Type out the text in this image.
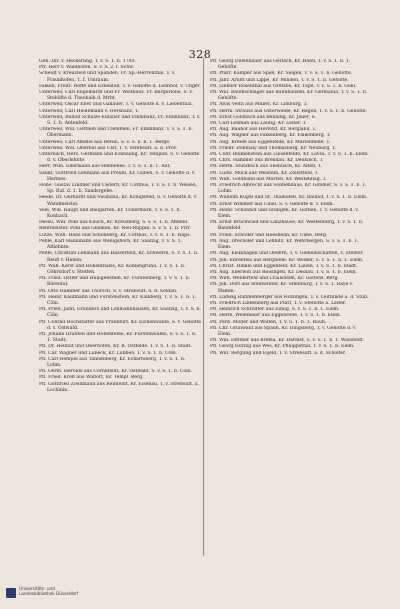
328
Gen.-Dir. v. Heckerling, T. v. S. 1. b. 1793.
Pfr. Herr v. Waldhofen. S. v. S. 2. f. Schw.
Scheidt v. Kreuzfeld und Spanden, Fr. Sp.-Herrenthal, T. v. Fraunhofen, 1. f. Umraum.
Falken, Freifr. Hoffe und Erbenfall, T. v. Gehöfte d. Lehnhof, v. Unger.
Unterweil, Carl Engelhardt und Fr. Weltbaus, Fr. Burgerlohe, S. v. Stehöfte d. Theobalb d. Mrbt.
Unterweil, Oscar Eber und Gallauer, T. v. Gehöfte d. v. Liebenthal.
Unterweil, Carl Heidemann v. Hersbanc, T.
Unterweil, Rudolf Schulze Edlauer und Emmbanz, Fr. Emmbanz, T. v. S. 1. b. Antenfeld.
Unterweil, Will. Gottlieb und Clemmen, Fr. Emmbanz, T. v. S. 1. b. Obermann.
Unterweil, Carl Ammel aus Berlin. S. v. S. b. b. 1. Berge.
Unterweil, Will. Oberhal aus Ulst. T. v. Strebsuft. a. d. Prov.
Unternach, Herz. Germann und Eckhaling, Kr. Templin, S. v. Gehöfte d. v. Oberlehnte.
Herr, Wilh. Ellermann aus Hennebes. T. v. S. 1. b. 1. Aut.
Sankt, Gottfried Lehmann aus Preußl, Kr. Guben, S. v. Gehöfte d. v. Hermes.
Hohe, Gustav Lindner und Cedern, Kr. Cottbus, T. v. S. 1. b. Weisen, Sp. Ruf. d. 1. b. Sandsrgebe.
Heide, Dr. Gerhardt und Swandau, Kr. Königsfeld, S. v. Gehöfte d. v. Wandmeistel.
Vele, Will. Haupt und Bielgarten, Kr. Uckermark, T. v. S. 1. b. Konbach.
Dessu, Will. Pohl aus Kauch, Kr. Kreuzberg, S. v. S. 1. b. Amfeld.
Rentmeister, Pohl aus Glanken, Kr. Neu-Ruppin, S. v. S. 1. b. Pirr.
Lutze, Wilh. Hans und Schönberg, Kr. Cottbus, T. v. S. 1. b. Haps.
Pehle, Karl Hannmann aus Wenigsborn, Kr. Saatzig, T. v. S. 1. Altlehnte.
Pehle, Christian Lehmann aus Hasserfeld, Kr. Schwerin, S. v. S. 1. b. Reuß v. Hamm.
Pfl. Wilh. Kerst und Hohenthalss, Kr. Kohlengrund, T. v. S. 1. b. Göhrsdorf v. Stetten.
Pfl. Fried. Ostler und Heiligenstein, Kr. Fürstenberg, T. v. S. 1. b. Bärental.
Pfl. Otto Hammer aus Thorsch, S. v. Strebsuft. a. d. Soldan.
Pfl. Heinr. Kaufmann und Fürstenstein, Kr. Kalkberg, T. v. S. 1. b. 1. Cöln.
Pfl. Fried. Jähn, Gründers und Lohmannhausen, Kr. Saatzig, T. v. S. b. Cöln.
Pfl. Conrad Hochstätter aus Frankfurt, Kr. Eichenwalde, S. v. Gehöfte d. v. Ostwald.
Pfl. Johann Drahten und Hohenfelde, Kr. Fürstenwalde, S. v. S. 1. b. 1. Stadt.
Pfl. Dr. Helmut und Oberhofen, Kr. R. Ostfelde. T. v. S. 1. b. Stadt.
Pfl. Car. Wagner und Lübeck, Kr. Lübben, T. v. S. 1. b. Cöln.
Pfl. Carl Hempel aus Tannenberg, Kr. Eckartsberg, T. v. S. 1. b. Lohm.
Pfl. Germ. Herolds aus Cornnfeldt, Kr. Ostwald, S. v. S. 1. b. Cöln.
Pfl. Fried. Kreß aus Walfort, Kr. Templ. Berg.
Pfl. Gottfried Zoellmann aus Reinfeldt, Kr. Eisenau, T. v. Strebsuft. a. Lochinin.
Pfl. Georg Dillenhauer aus Gerlach, Kr. Hann, T. v. S. 1. b. 1. Gehöfte.
Pfl. Pfarr. Kamper aus Spiel, Kr. Siegen, T. v. S. 1. b. Gehöfte.
Pfl. Jahr. Arndt und Lippe, Kr. Minden, T. v. S. 1. b. Gehöfte.
Pfl. Liebner Rosenthal aus Gretzbe, Kr. Tape, T. v. S. 1. b. Göhl.
Pfl. Will. Baumschläger aus Bahnhausen, Kr. Germania, T. v. S. 1. b. Gehöfte.
Pfl. Alois Veith aus Müller, Kr. Limburg, T.
Pfl. Herm. Strauss aus Osterwalde, Kr. Regen, T. v. S. 1. b. Gehöfte.
Pfl. Ernst Goldbach aus Benning, Kr. Jauer, S.
Pfl. Carl Lehman aus Lautig, Kr. Leiter, T.
Pfl. Aug. Bauhof aus Herford, Kr. Bergland, T.
Pfl. Aug. Wagner aus Falkenberg, Kr. Falkenberg, T.
Pfl. Aug. Kreide aus Eggenfelde, Kr. Marienfelde, T.
Pfl. Friedr. Dohmaly und Thomasberg, Kr. Neuburg, T.
Pfl. Conr. Blumenstein aus Luisenfelde, Kr. Lavsa, T. v. S. 1. b. Elem.
Pfl. Chrs. Hammer aus Brendau, Kr. Delitzsch, T.
Pfl. Herm. Stutzfisch aus Seebusch, Kr. Alten, T.
Pfl. Ludw. Muck aus Weistein, Kr. Zellerfeld, T.
Pfl. Wilh. Goldhand aus Marten, Kr. Westenhag, T.
Pfl. Friedrich Albrecht aus Sonnenhaus, Kr. Gimmer, S. v. S. 1. b. 1. Lohm.
Pfl. Wilhelm Kugel und Sr. Thalhofen, Kr. Bauhof, T. v. S. 1. b. Elem.
Pfl. Ernst Wimmer aus Cinel, S. v. Gehöfte d. v. Elem.
Pfl. Heinr. Schönhof und Gräbgen, Kr. Gothen, T. v. Gehöfte d. v. Elem.
Pfl. Ernst Bruchwald und Lanzhäuse, Kr. Westenburg, T. v. S. 1. b. Baumfeld.
Pfl. Fried. Schöder und Hoesheim, Kr. Usbe, Berg.
Pfl. Aug. Drechsler und Lehnitz, Kr. Wehrbergen, S. v. S. 1. b. 1. Elem.
Pfl. Aug. Kleinhagen und Oedern, T. v. Gemeinschaften, v. Stehfer.
Pfl. Joh. Ehrenfels aus Bergfelde, Kr. Weißer, S. v. S. 1. b. 1. Elem.
Pfl. Christ. Hinkle und Eggenfeld, Kr. Lauen, T. v. S. 1. b. Stadt.
Pfl. Aug. Eberlein aus Reisingen, Kr. Dessau, T. v. S. 1. b. Elem.
Pfl. Wilh. Welderfeld und Crailsheim, Kr. Golfens, Berg.
Pfl. Joh. Dorf aus Steinwinter, Kr. Steinburg, T. v. S. 1. Raye v. Hamm.
Pfl. Ludwig Rahmenberger aus Holzingen, T. v. Leitfunde a. d. Stub.
Pfl. Friedrich Liebenberg aus Pfarl, T. v. Stehöfte a. Leiter.
Pfl. Heinrich Schrödter aus Eimig, S. v. S. 1. b. 1. Elem.
Pfl. Herm. Weißmeier aus Eggenrode, T. v. S. 1. b. Elem.
Pfl. Ferd. Möller und Wolfen, T. v. S. 1. b. 1. Raub.
Pfl. Chr. Grünwald aus Spahn, Kr. Dingsberg, T. v. Gehöfte d. v. Elem.
Pfl. Will. Dittmer aus Brema, Kr. Darmst, S. v. S. 1. b. 1. Wanstedt.
Pfl. Georg Höring aus Wes, Kr. Philippsthal, T. v. S. 1. b. Elem.
Pfl. Will. Bergung und Eijeld, T. v. Strebsuft. a. d. Scholter.
Universitäts- und
Landesbibliothek Düsseldorf
